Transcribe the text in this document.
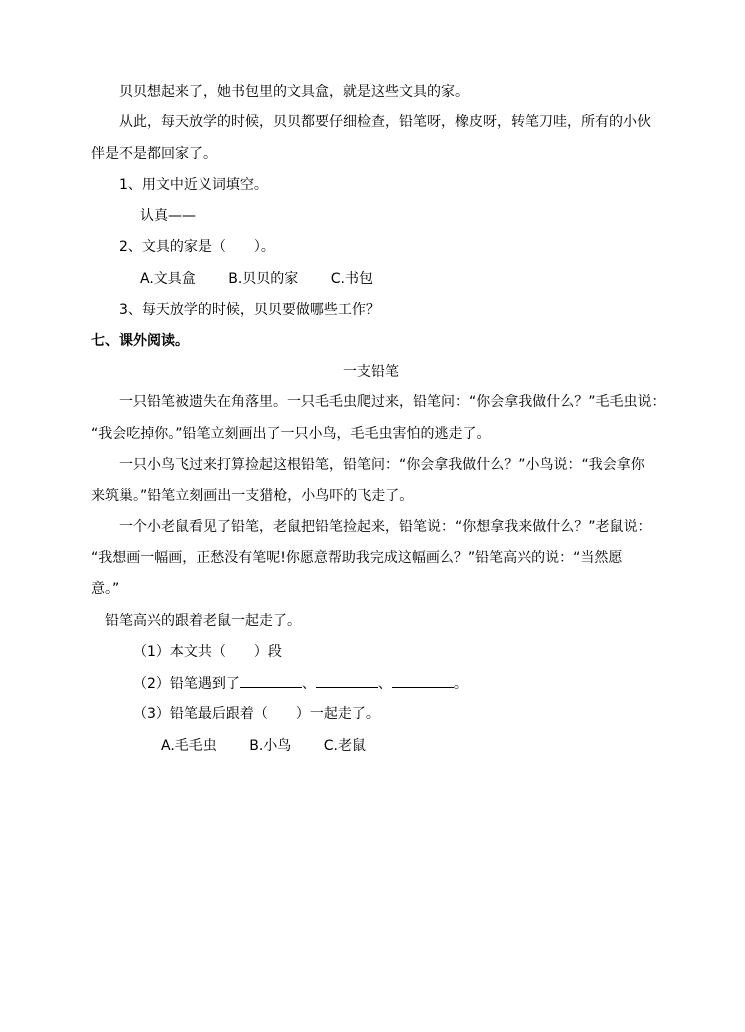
贝贝想起来了，她书包里的文具盒，就是这些文具的家。
从此，每天放学的时候，贝贝都要仔细检查，铅笔呀，橡皮呀，转笔刀哇，所有的小伙
伴是不是都回家了。
1、用文中近义词填空。
认真——
2、文具的家是（　　）。
A.文具盒　　 B.贝贝的家　　 C.书包
3、每天放学的时候，贝贝要做哪些工作？
七、课外阅读。
一支铅笔
一只铅笔被遗失在角落里。一只毛毛虫爬过来，铅笔问：“你会拿我做什么？”毛毛虫说：
“我会吃掉你。”铅笔立刻画出了一只小鸟，毛毛虫害怕的逃走了。
一只小鸟飞过来打算捡起这根铅笔，铅笔问：“你会拿我做什么？”小鸟说：“我会拿你
来筑巢。”铅笔立刻画出一支猎枪，小鸟吓的飞走了。
一个小老鼠看见了铅笔，老鼠把铅笔捡起来，铅笔说：“你想拿我来做什么？”老鼠说：
“我想画一幅画，正愁没有笔呢!你愿意帮助我完成这幅画么？”铅笔高兴的说：“当然愿
意。”
铅笔高兴的跟着老鼠一起走了。
（1）本文共（　　）段
（2）铅笔遇到了	、	、	。
（3）铅笔最后跟着（　　）一起走了。
A.毛毛虫　　 B.小鸟　　 C.老鼠
